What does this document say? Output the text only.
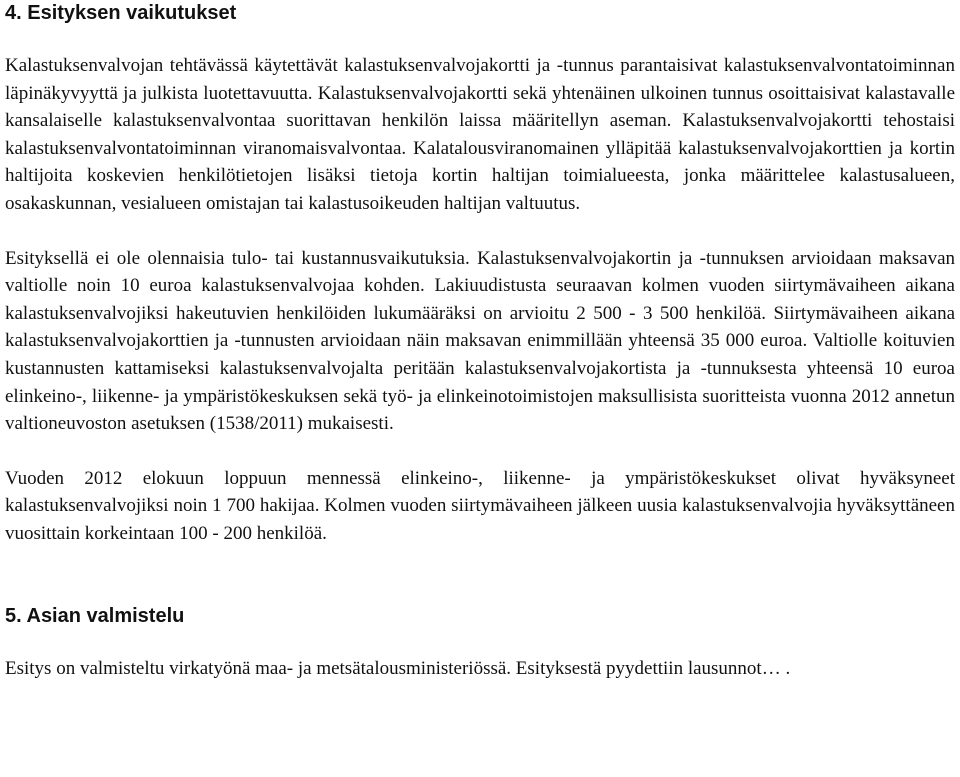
4. Esityksen vaikutukset

Kalastuksenvalvojan tehtävässä käytettävät kalastuksenvalvojakortti ja -tunnus parantaisivat kalastuksenvalvontatoiminnan läpinäkyvyyttä ja julkista luotettavuutta. Kalastuksenvalvojakortti sekä yhtenäinen ulkoinen tunnus osoittaisivat kalastavalle kansalaiselle kalastuksenvalvontaa suorittavan henkilön laissa määritellyn aseman. Kalastuksenvalvojakortti tehostaisi kalastuksenvalvontatoiminnan viranomaisvalvontaa. Kalatalousviranomainen ylläpitää kalastuksenvalvojakorttien ja kortin haltijoita koskevien henkilötietojen lisäksi tietoja kortin haltijan toimialueesta, jonka määrittelee kalastusalueen, osakaskunnan, vesialueen omistajan tai kalastusoikeuden haltijan valtuutus.

Esityksellä ei ole olennaisia tulo- tai kustannusvaikutuksia. Kalastuksenvalvojakortin ja -tunnuksen arvioidaan maksavan valtiolle noin 10 euroa kalastuksenvalvojaa kohden. Lakiuudistusta seuraavan kolmen vuoden siirtymävaiheen aikana kalastuksenvalvojiksi hakeutuvien henkilöiden lukumääräksi on arvioitu 2 500 - 3 500 henkilöä. Siirtymävaiheen aikana kalastuksenvalvojakorttien ja -tunnusten arvioidaan näin maksavan enimmillään yhteensä 35 000 euroa. Valtiolle koituvien kustannusten kattamiseksi kalastuksenvalvojalta peritään kalastuksenvalvojakortista ja -tunnuksesta yhteensä 10 euroa elinkeino-, liikenne- ja ympäristökeskuksen sekä työ- ja elinkeinotoimistojen maksullisista suoritteista vuonna 2012 annetun valtioneuvoston asetuksen (1538/2011) mukaisesti.

Vuoden 2012 elokuun loppuun mennessä elinkeino-, liikenne- ja ympäristökeskukset olivat hyväksyneet kalastuksenvalvojiksi noin 1 700 hakijaa. Kolmen vuoden siirtymävaiheen jälkeen uusia kalastuksenvalvojia hyväksyttäneen vuosittain korkeintaan 100 - 200 henkilöä.

5. Asian valmistelu

Esitys on valmisteltu virkatyönä maa- ja metsätalousministeriössä. Esityksestä pyydettiin lausunnot… .
